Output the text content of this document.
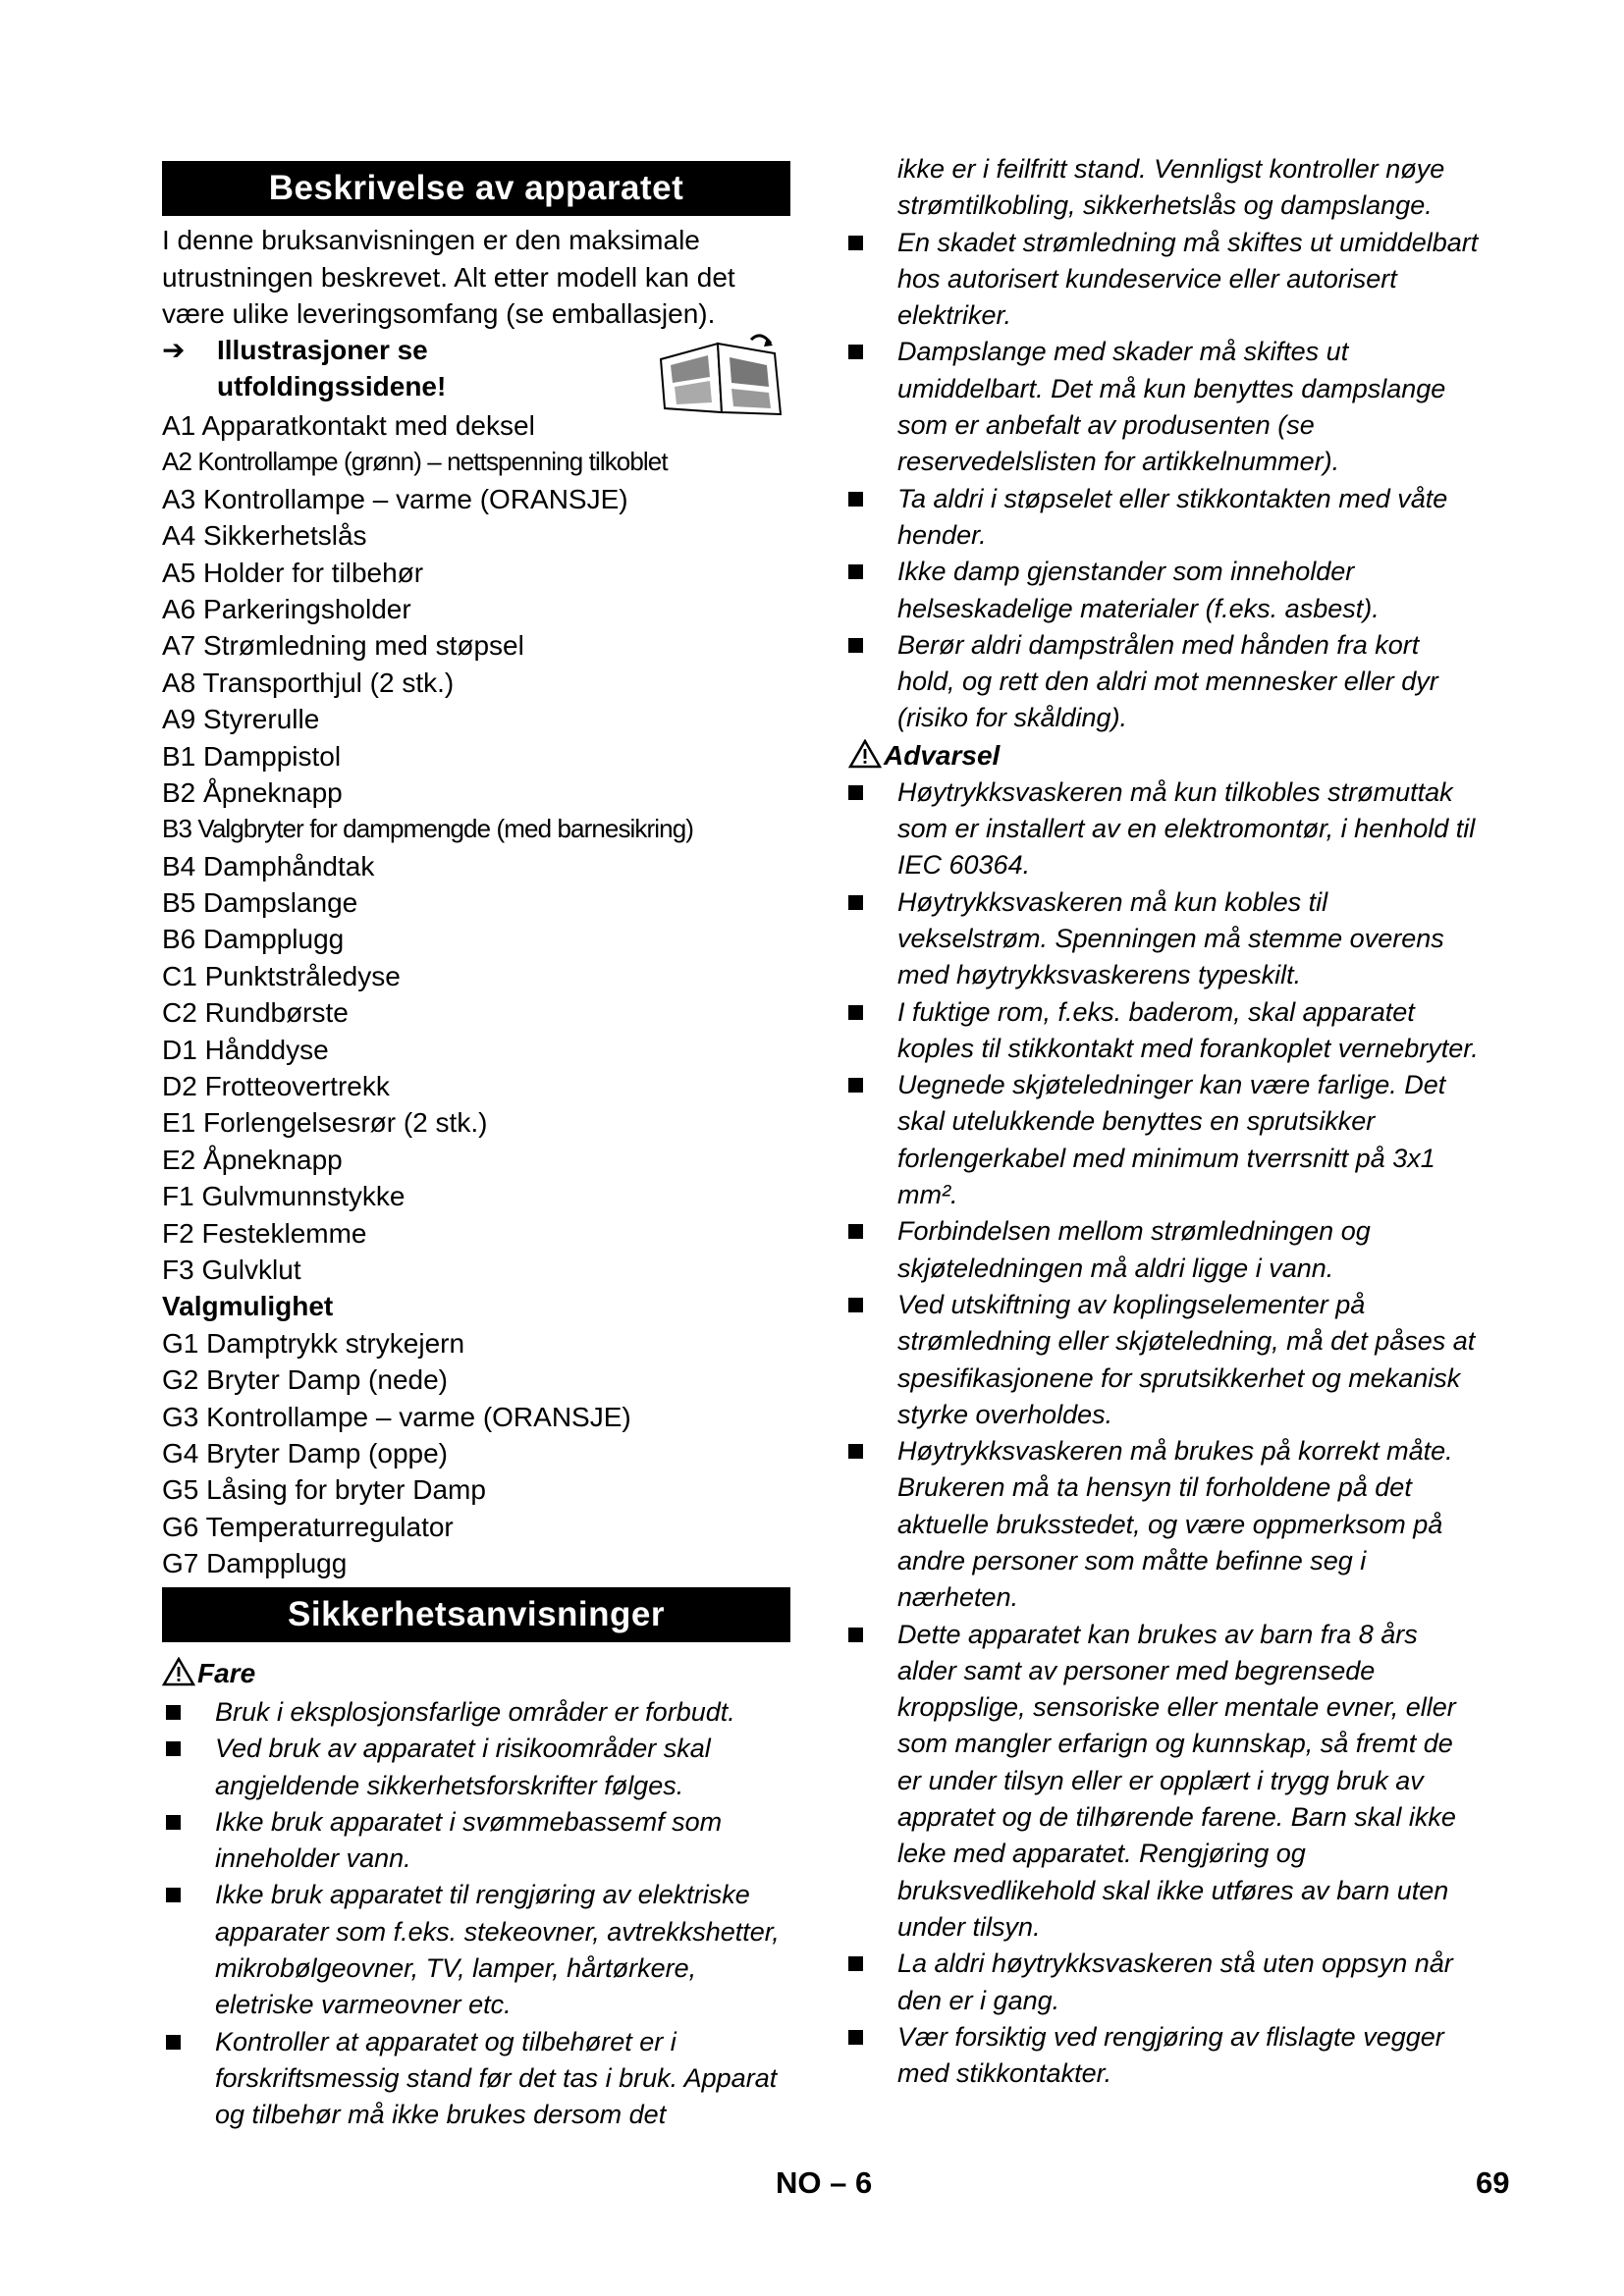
Beskrivelse av apparatet
I denne bruksanvisningen er den maksimale utrustningen beskrevet. Alt etter modell kan det være ulike leveringsomfang (se emballasjen).
➔ Illustrasjoner se utfoldingssidene!
A1 Apparatkontakt med deksel
A2 Kontrollampe (grønn) – nettspenning tilkoblet
A3 Kontrollampe – varme (ORANSJE)
A4 Sikkerhetslås
A5 Holder for tilbehør
A6 Parkeringsholder
A7 Strømledning med støpsel
A8 Transporthjul (2 stk.)
A9 Styrerulle
B1 Damppistol
B2 Åpneknapp
B3 Valgbryter for dampmengde (med barnesikring)
B4 Damphåndtak
B5 Dampslange
B6 Dampplugg
C1 Punktstråledyse
C2 Rundbørste
D1 Hånddyse
D2 Frotteovertrekk
E1 Forlengelsesrør (2 stk.)
E2 Åpneknapp
F1 Gulvmunnstykke
F2 Festeklemme
F3 Gulvklut
Valgmulighet
G1 Damptrykk strykejern
G2 Bryter Damp (nede)
G3 Kontrollampe – varme (ORANSJE)
G4 Bryter Damp (oppe)
G5 Låsing for bryter Damp
G6 Temperaturregulator
G7 Dampplugg
Sikkerhetsanvisninger
Fare
Bruk i eksplosjonsfarlige områder er forbudt.
Ved bruk av apparatet i risikoområder skal angjeldende sikkerhetsforskrifter følges.
Ikke bruk apparatet i svømmebassemf som inneholder vann.
Ikke bruk apparatet til rengjøring av elektriske apparater som f.eks. stekeovner, avtrekkshetter, mikrobølgeovner, TV, lamper, hårtørkere, eletriske varmeovner etc.
Kontroller at apparatet og tilbehøret er i forskriftsmessig stand før det tas i bruk. Apparat og tilbehør må ikke brukes dersom det
ikke er i feilfritt stand. Vennligst kontroller nøye strømtilkobling, sikkerhetslås og dampslange.
En skadet strømledning må skiftes ut umiddelbart hos autorisert kundeservice eller autorisert elektriker.
Dampslange med skader må skiftes ut umiddelbart. Det må kun benyttes dampslange som er anbefalt av produsenten (se reservedelslisten for artikkelnummer).
Ta aldri i støpselet eller stikkontakten med våte hender.
Ikke damp gjenstander som inneholder helseskadelige materialer (f.eks. asbest).
Berør aldri dampstrålen med hånden fra kort hold, og rett den aldri mot mennesker eller dyr (risiko for skålding).
Advarsel
Høytrykksvaskeren må kun tilkobles strømuttak som er installert av en elektromontør, i henhold til IEC 60364.
Høytrykksvaskeren må kun kobles til vekselstrøm. Spenningen må stemme overens med høytrykksvaskerens typeskilt.
I fuktige rom, f.eks. baderom, skal apparatet koples til stikkontakt med forankoplet vernebryter.
Uegnede skjøteledninger kan være farlige. Det skal utelukkende benyttes en sprutsikker forlengerkabel med minimum tverrsnitt på 3x1 mm².
Forbindelsen mellom strømledningen og skjøteledningen må aldri ligge i vann.
Ved utskiftning av koplingselementer på strømledning eller skjøteledning, må det påses at spesifikasjonene for sprutsikkerhet og mekanisk styrke overholdes.
Høytrykksvaskeren må brukes på korrekt måte. Brukeren må ta hensyn til forholdene på det aktuelle bruksstedet, og være oppmerksom på andre personer som måtte befinne seg i nærheten.
Dette apparatet kan brukes av barn fra 8 års alder samt av personer med begrensede kroppslige, sensoriske eller mentale evner, eller som mangler erfarign og kunnskap, så fremt de er under tilsyn eller er opplært i trygg bruk av appratet og de tilhørende farene. Barn skal ikke leke med apparatet. Rengjøring og bruksvedlikehold skal ikke utføres av barn uten under tilsyn.
La aldri høytrykksvaskeren stå uten oppsyn når den er i gang.
Vær forsiktig ved rengjøring av flislagte vegger med stikkontakter.
NO – 6	69
